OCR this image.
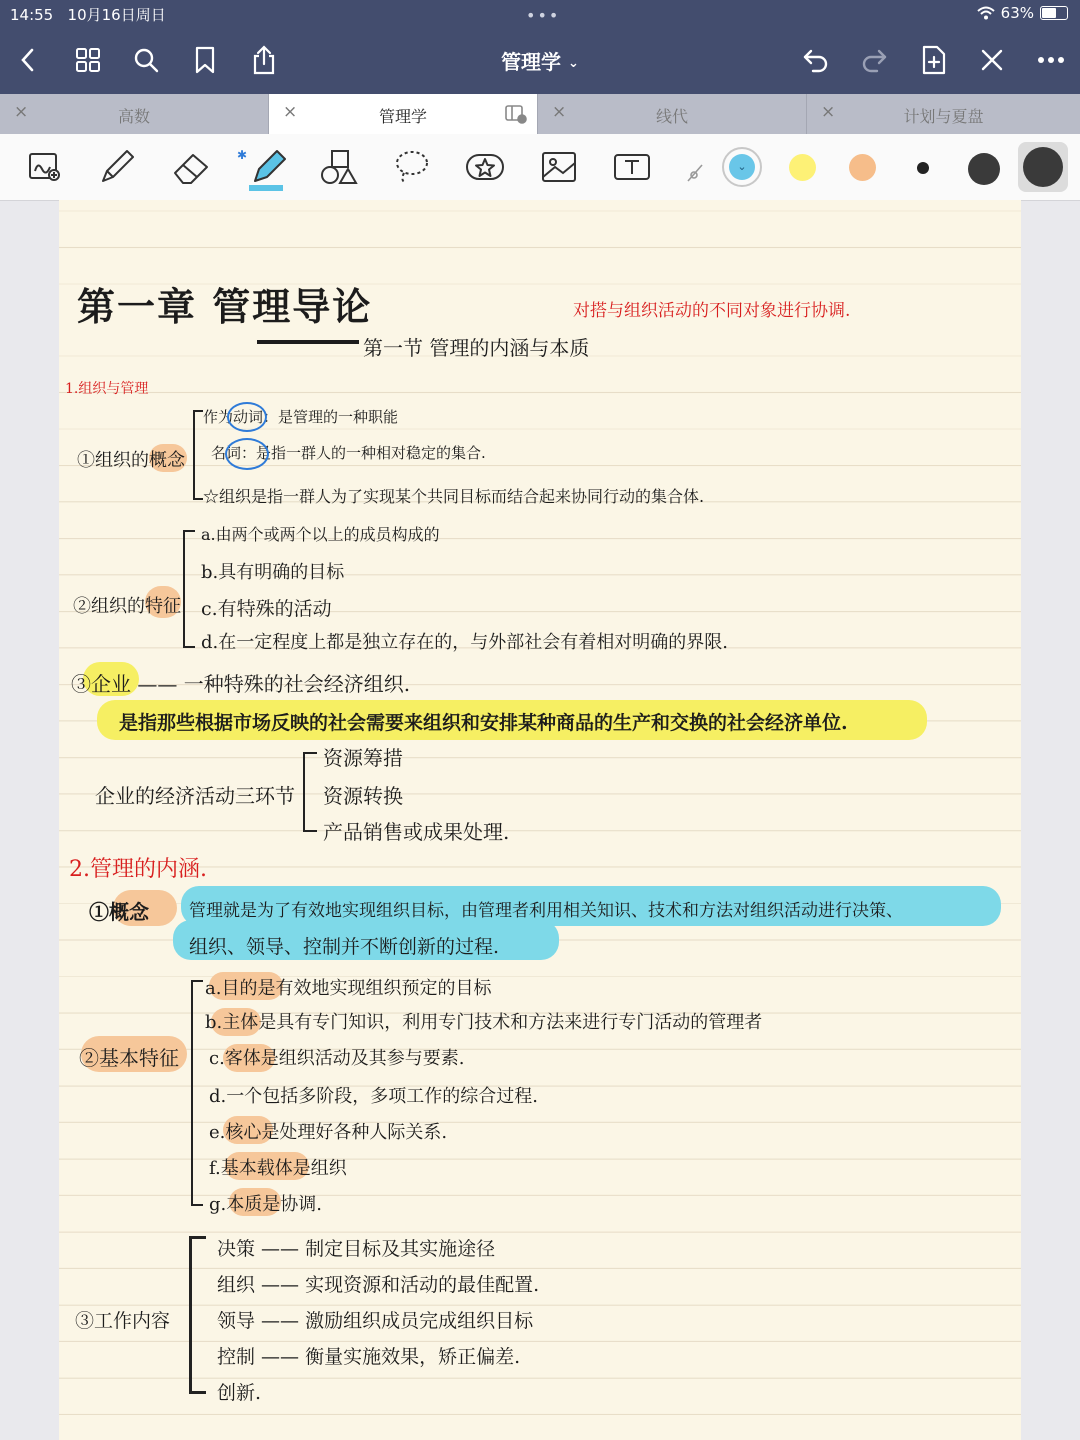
14:55 10月16日周日	•••	63%
管理学 ⌄
×	高数	×	管理学	×	线代	×	计划与夏盘
✱
⌄
第一章 管理导论	对搭与组织活动的不同对象进行协调.
第一节 管理的内涵与本质
1.组织与管理
①组织的概念
作为动词：是管理的一种职能
名词：是指一群人的一种相对稳定的集合.
☆组织是指一群人为了实现某个共同目标而结合起来协同行动的集合体.
②组织的特征
a.由两个或两个以上的成员构成的
b.具有明确的目标
c.有特殊的活动
d.在一定程度上都是独立存在的，与外部社会有着相对明确的界限.
③企业 —— 一种特殊的社会经济组织.
是指那些根据市场反映的社会需要来组织和安排某种商品的生产和交换的社会经济单位.
企业的经济活动三环节
资源筹措
资源转换
产品销售或成果处理.
2.管理的内涵.
①概念 管理就是为了有效地实现组织目标，由管理者利用相关知识、技术和方法对组织活动进行决策、
组织、领导、控制并不断创新的过程.
②基本特征
a.目的是有效地实现组织预定的目标
b.主体是具有专门知识，利用专门技术和方法来进行专门活动的管理者
c.客体是组织活动及其参与要素.
d.一个包括多阶段，多项工作的综合过程.
e.核心是处理好各种人际关系.
f.基本载体是组织
g.本质是协调.
③工作内容
决策 —— 制定目标及其实施途径
组织 —— 实现资源和活动的最佳配置.
领导 —— 激励组织成员完成组织目标
控制 —— 衡量实施效果，矫正偏差.
创新.
